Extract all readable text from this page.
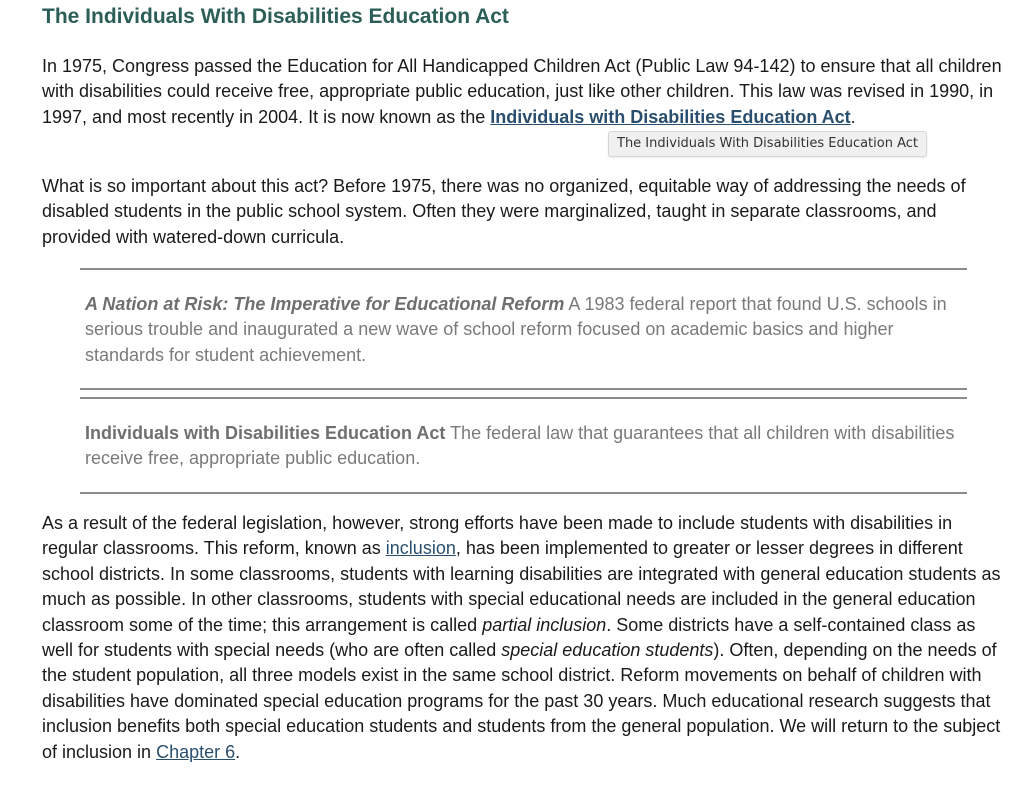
The Individuals With Disabilities Education Act

In 1975, Congress passed the Education for All Handicapped Children Act (Public Law 94-142) to ensure that all children with disabilities could receive free, appropriate public education, just like other children. This law was revised in 1990, in 1997, and most recently in 2004. It is now known as the Individuals with Disabilities Education Act.

What is so important about this act? Before 1975, there was no organized, equitable way of addressing the needs of disabled students in the public school system. Often they were marginalized, taught in separate classrooms, and provided with watered-down curricula.

As a result of the federal legislation, however, strong efforts have been made to include students with disabilities in regular classrooms. This reform, known as inclusion, has been implemented to greater or lesser degrees in different school districts. In some classrooms, students with learning disabilities are integrated with general education students as much as possible. In other classrooms, students with special educational needs are included in the general education classroom some of the time; this arrangement is called partial inclusion. Some districts have a self-contained class as well for students with special needs (who are often called special education students). Often, depending on the needs of the student population, all three models exist in the same school district. Reform movements on behalf of children with disabilities have dominated special education programs for the past 30 years. Much educational research suggests that inclusion benefits both special education students and students from the general population. We will return to the subject of inclusion in Chapter 6.

The Individuals With Disabilities Education Act

A Nation at Risk: The Imperative for Educational Reform A 1983 federal report that found U.S. schools in serious trouble and inaugurated a new wave of school reform focused on academic basics and higher standards for student achievement.

Individuals with Disabilities Education Act The federal law that guarantees that all children with disabilities receive free, appropriate public education.
